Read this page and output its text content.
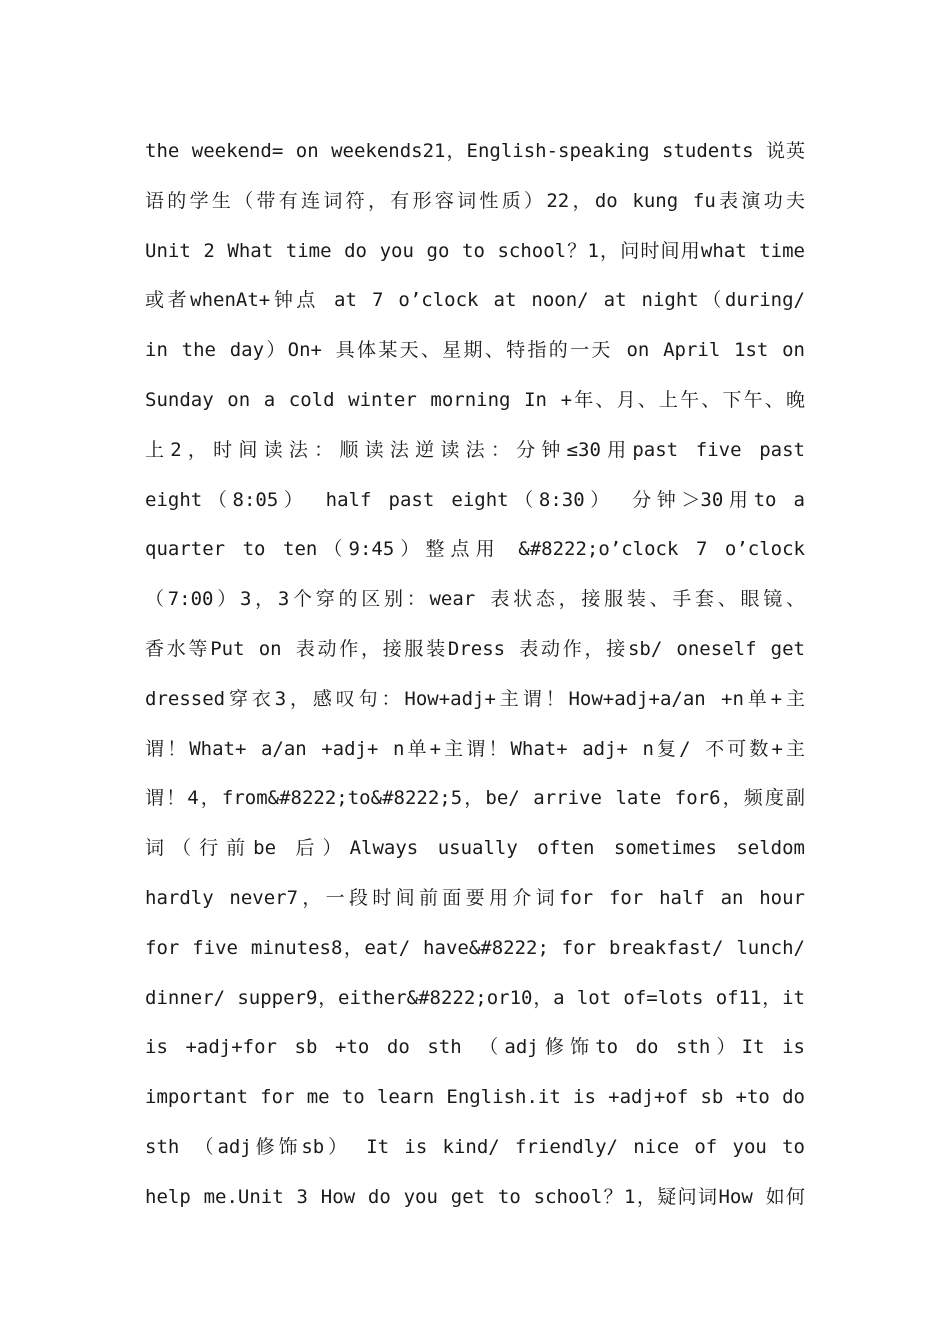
the weekend= on weekends21，English-speaking students 说英
语的学生（带有连词符，有形容词性质）22，do kung fu表演功夫
Unit 2 What time do you go to school？1，问时间用what time
或者whenAt+钟点 at 7 o’clock at noon/ at night（during/
in the day）On+ 具体某天、星期、特指的一天 on April 1st on
Sunday on a cold winter morning In +年、月、上午、下午、晚
上2，时间读法：顺读法逆读法：分钟≤30用past five past
eight（8:05） half past eight（8:30） 分钟＞30用to a
quarter to ten（9:45）整点用 &#8222;o’clock 7 o’clock
（7:00）3，3个穿的区别：wear 表状态，接服装、手套、眼镜、
香水等Put on 表动作，接服装Dress 表动作，接sb/ oneself get
dressed穿衣3，感叹句：How+adj+主谓！How+adj+a/an +n单+主
谓！What+ a/an +adj+ n单+主谓！What+ adj+ n复/ 不可数+主
谓！4，from&#8222;to&#8222;5，be/ arrive late for6，频度副
词（行前be 后）Always usually often sometimes seldom
hardly never7，一段时间前面要用介词for for half an hour
for five minutes8，eat/ have&#8222; for breakfast/ lunch/
dinner/ supper9，either&#8222;or10，a lot of=lots of11，it
is +adj+for sb +to do sth （adj修饰to do sth）It is
important for me to learn English.it is +adj+of sb +to do
sth （adj修饰sb） It is kind/ friendly/ nice of you to
help me.Unit 3 How do you get to school？1，疑问词How 如何
